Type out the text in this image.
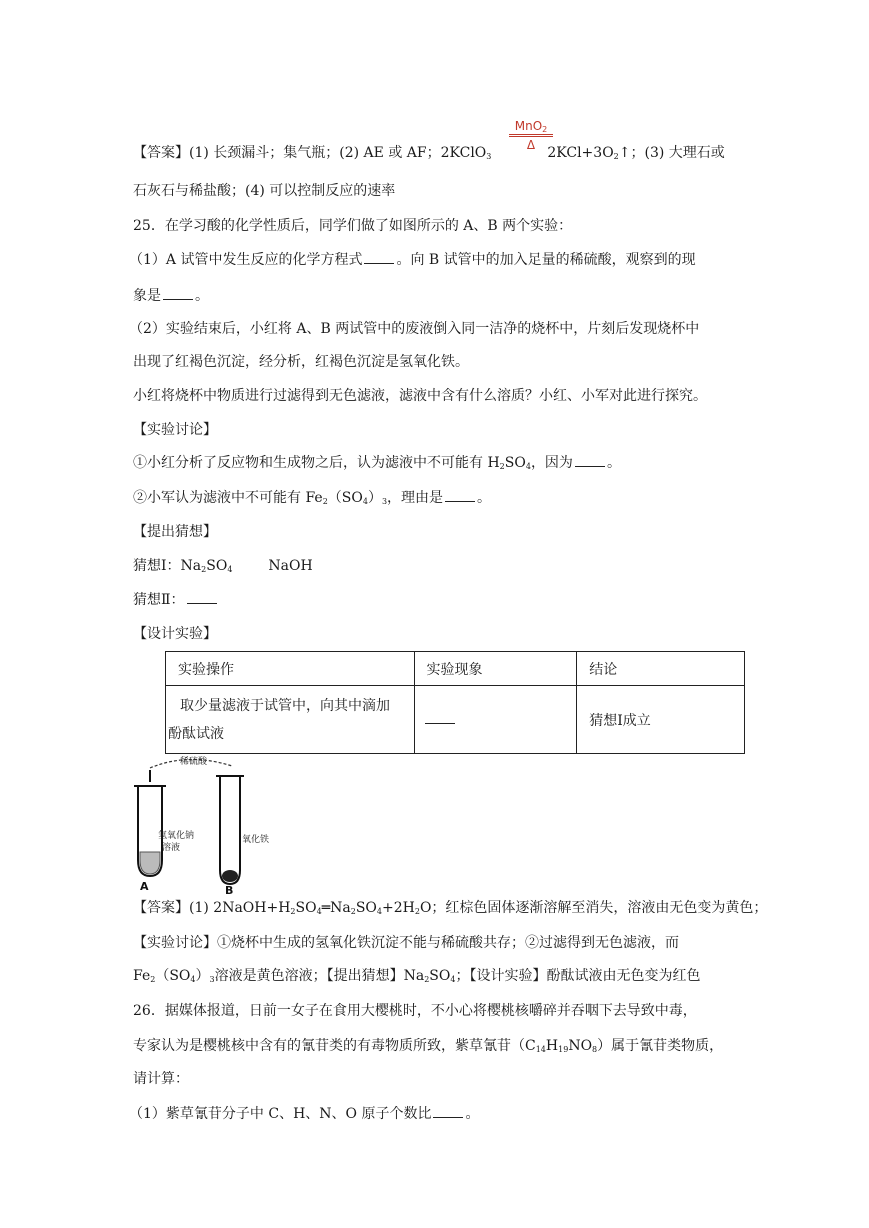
MnO$_2$
Δ
【答案】(1) 长颈漏斗；集气瓶；(2) AE 或 AF；2KClO$_3$	$2KCl+3O_2↑$；(3) 大理石或
石灰石与稀盐酸；(4) 可以控制反应的速率
25．在学习酸的化学性质后，同学们做了如图所示的 A、B 两个实验：
（1）A 试管中发生反应的化学方程式 。向 B 试管中的加入足量的稀硫酸，观察到的现
象是 。
（2）实验结束后，小红将 A、B 两试管中的废液倒入同一洁净的烧杯中，片刻后发现烧杯中
出现了红褐色沉淀，经分析，红褐色沉淀是氢氧化铁。
小红将烧杯中物质进行过滤得到无色滤液，滤液中含有什么溶质？小红、小军对此进行探究。
【实验讨论】
①小红分析了反应物和生成物之后，认为滤液中不可能有 $H_2SO_4$，因为 。
②小军认为滤液中不可能有 $Fe_2(SO_4)_3$，理由是 。
【提出猜想】
猜想Ⅰ：$Na_2SO_4$	NaOH
猜想Ⅱ：
【设计实验】
实验操作	实验现象	结论

取少量滤液于试管中，向其中滴加
酚酞试液		猜想Ⅰ成立
稀硫酸
A
氢氧化钠
溶液
B
氧化铁
【答案】(1) $2NaOH+H_2SO_4═Na_2SO_4+2H_2O$；红棕色固体逐渐溶解至消失，溶液由无色变为黄色；
【实验讨论】①烧杯中生成的氢氧化铁沉淀不能与稀硫酸共存；②过滤得到无色滤液，而
$Fe_2(SO_4)_3$溶液是黄色溶液；【提出猜想】$Na_2SO_4$；【设计实验】酚酞试液由无色变为红色
26．据媒体报道，日前一女子在食用大樱桃时，不小心将樱桃核嚼碎并吞咽下去导致中毒，
专家认为是樱桃核中含有的氰苷类的有毒物质所致，紫草氰苷$(C_{14}H_{19}NO_8)$属于氰苷类物质，
请计算：
（1）紫草氰苷分子中 C、H、N、O 原子个数比 。
